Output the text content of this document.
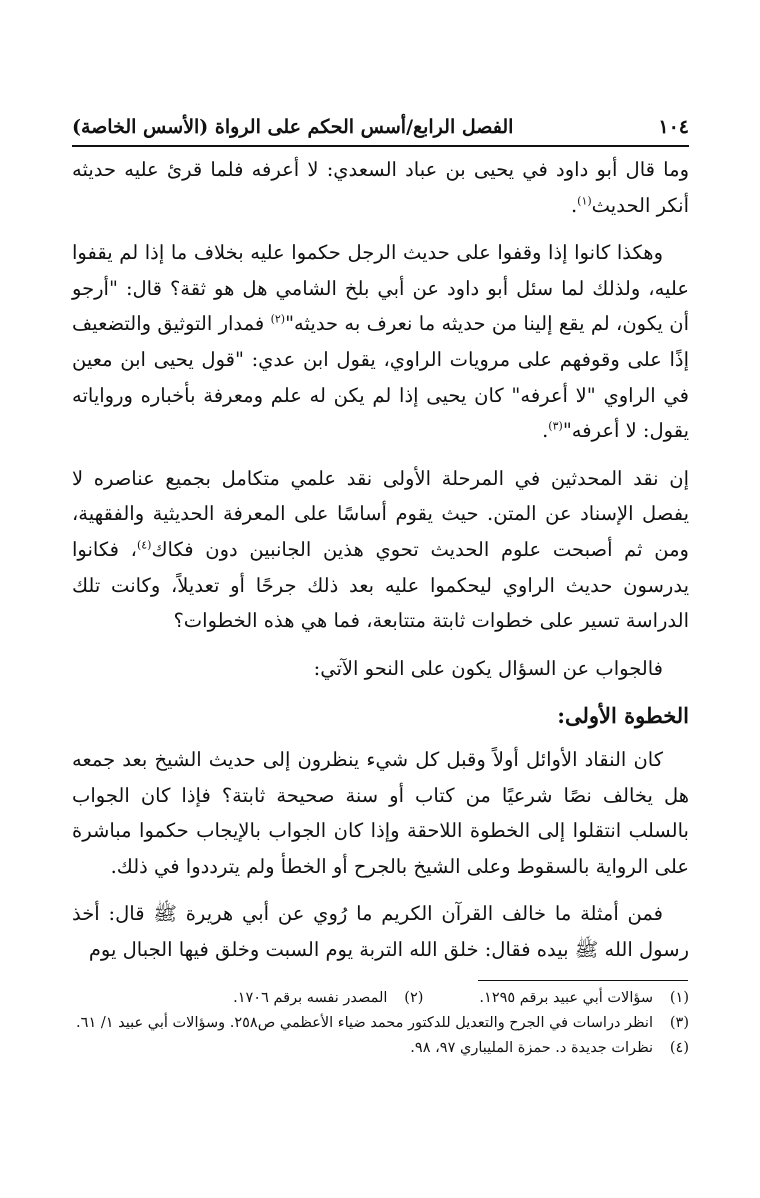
١٠٤
الفصل الرابع/أسس الحكم على الرواة (الأسس الخاصة)

وما قال أبو داود في يحيى بن عباد السعدي: لا أعرفه فلما قرئ عليه حديثه أنكر الحديث$^{(١)}$.

وهكذا كانوا إذا وقفوا على حديث الرجل حكموا عليه بخلاف ما إذا لم يقفوا عليه، ولذلك لما سئل أبو داود عن أبي بلخ الشامي هل هو ثقة؟ قال: "أرجو أن يكون، لم يقع إلينا من حديثه ما نعرف به حديثه"$^{(٢)}$ فمدار التوثيق والتضعيف إذًا على وقوفهم على مرويات الراوي، يقول ابن عدي: "قول يحيى ابن معين في الراوي "لا أعرفه" كان يحيى إذا لم يكن له علم ومعرفة بأخباره ورواياته يقول: لا أعرفه"$^{(٣)}$.

إن نقد المحدثين في المرحلة الأولى نقد علمي متكامل بجميع عناصره لا يفصل الإسناد عن المتن. حيث يقوم أساسًا على المعرفة الحديثية والفقهية، ومن ثم أصبحت علوم الحديث تحوي هذين الجانبين دون فكاك$^{(٤)}$، فكانوا يدرسون حديث الراوي ليحكموا عليه بعد ذلك جرحًا أو تعديلاً، وكانت تلك الدراسة تسير على خطوات ثابتة متتابعة، فما هي هذه الخطوات؟

فالجواب عن السؤال يكون على النحو الآتي:

الخطوة الأولى:

كان النقاد الأوائل أولاً وقبل كل شيء ينظرون إلى حديث الشيخ بعد جمعه هل يخالف نصًا شرعيًا من كتاب أو سنة صحيحة ثابتة؟ فإذا كان الجواب بالسلب انتقلوا إلى الخطوة اللاحقة وإذا كان الجواب بالإيجاب حكموا مباشرة على الرواية بالسقوط وعلى الشيخ بالجرح أو الخطأ ولم يترددوا في ذلك.

فمن أمثلة ما خالف القرآن الكريم ما رُوي عن أبي هريرة ﷺ قال: أخذ رسول الله ﷺ بيده فقال: خلق الله التربة يوم السبت وخلق فيها الجبال يوم

(١)
سؤالات أبي عبيد برقم ١٢٩٥.
(٢)
المصدر نفسه برقم ١٧٠٦.
(٣)
انظر دراسات في الجرح والتعديل للدكتور محمد ضياء الأعظمي ص٢٥٨. وسؤالات أبي عبيد ١/ ٦١.
(٤)
نظرات جديدة د. حمزة المليباري ٩٧، ٩٨.
